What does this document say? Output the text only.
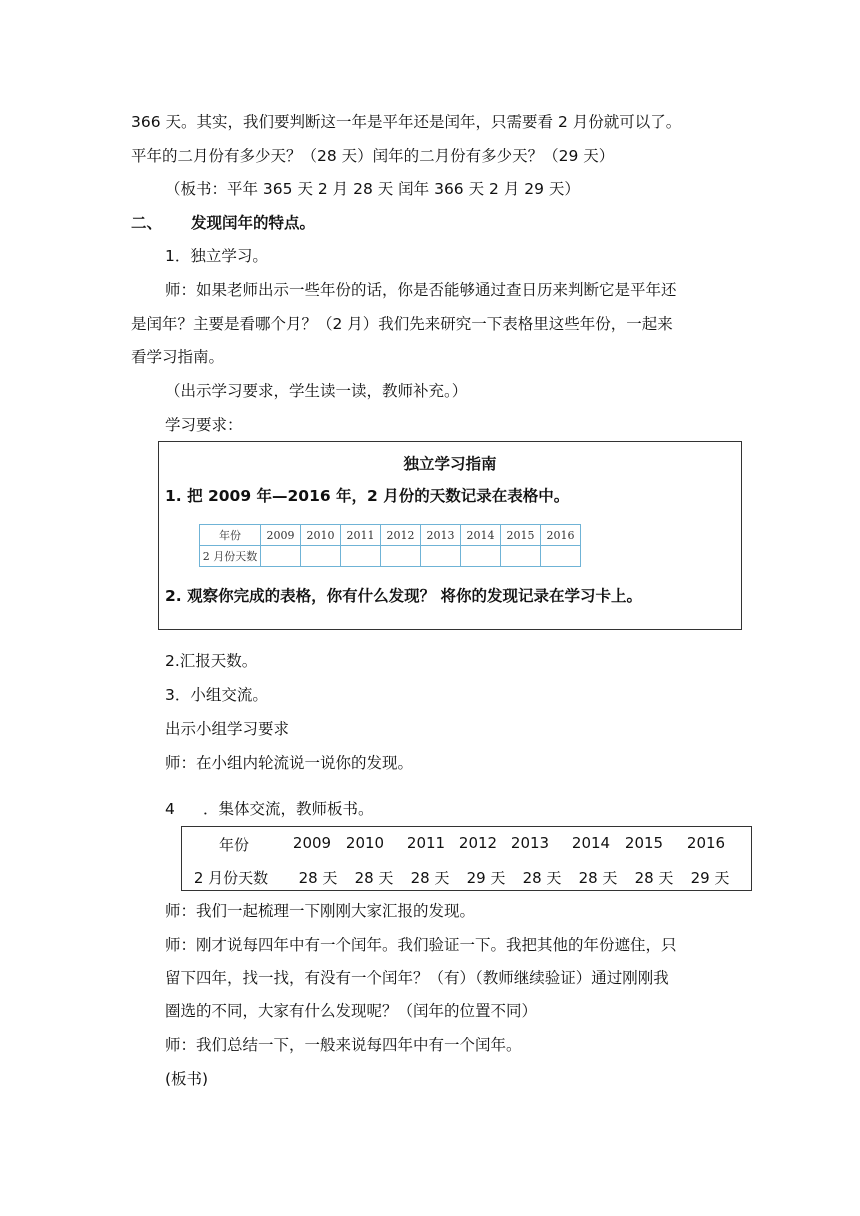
366 天。其实，我们要判断这一年是平年还是闰年，只需要看 2 月份就可以了。
平年的二月份有多少天？（28 天）闰年的二月份有多少天？（29 天）
（板书：平年 365 天 2 月 28 天 闰年 366 天 2 月 29 天）
二、 发现闰年的特点。
1．独立学习。
师：如果老师出示一些年份的话，你是否能够通过查日历来判断它是平年还
是闰年？主要是看哪个月？（2 月）我们先来研究一下表格里这些年份，一起来
看学习指南。
（出示学习要求，学生读一读，教师补充。）
学习要求：
独立学习指南
1. 把 2009 年—2016 年，2 月份的天数记录在表格中。
年份	2009	2010	2011	2012	2013	2014	2015	2016
2 月份天数								
2. 观察你完成的表格，你有什么发现？ 将你的发现记录在学习卡上。
2.汇报天数。
3．小组交流。
出示小组学习要求
师：在小组内轮流说一说你的发现。
4 ．集体交流，教师板书。
年份	2009 2010 2011 2012 2013 2014 2015 2016
2 月份天数 28 天 28 天 28 天 29 天 28 天 28 天 28 天 29 天
师：我们一起梳理一下刚刚大家汇报的发现。
师：刚才说每四年中有一个闰年。我们验证一下。我把其他的年份遮住，只
留下四年，找一找，有没有一个闰年？（有）（教师继续验证）通过刚刚我
圈选的不同，大家有什么发现呢？（闰年的位置不同）
师：我们总结一下，一般来说每四年中有一个闰年。
(板书)
